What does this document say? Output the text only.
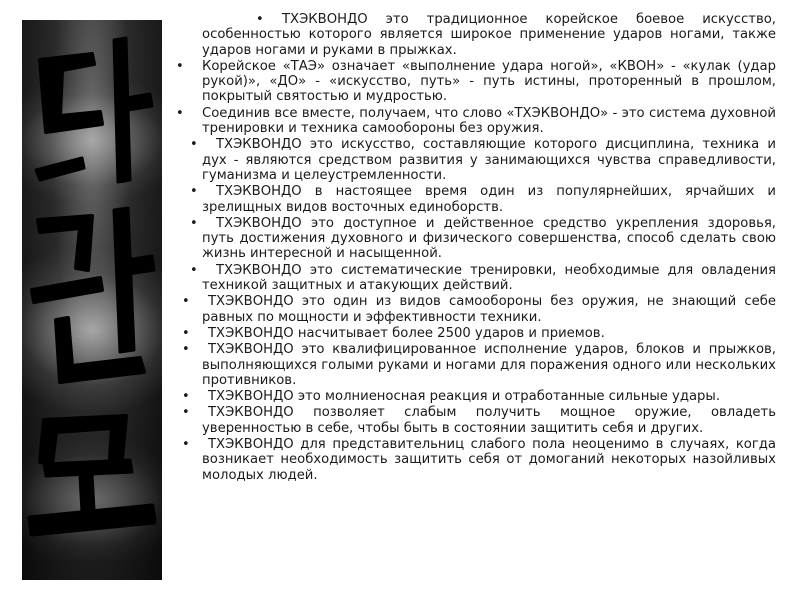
• ТХЭКВОНДО это традиционное корейское боевое искусство, особенностью которого является широкое применение ударов ногами, также ударов ногами и руками в прыжках.
• Корейское «ТАЭ» означает «выполнение удара ногой», «КВОН» - «кулак (удар рукой)», «ДО» - «искусство, путь» - путь истины, проторенный в прошлом, покрытый святостью и мудростью.
• Соединив все вместе, получаем, что слово «ТХЭКВОНДО» - это система духовной тренировки и техника самообороны без оружия.
• ТХЭКВОНДО это искусство, составляющие которого дисциплина, техника и дух - являются средством развития у занимающихся чувства справедливости, гуманизма и целеустремленности.
• ТХЭКВОНДО в настоящее время один из популярнейших, ярчайших и зрелищных видов восточных единоборств.
• ТХЭКВОНДО это доступное и действенное средство укрепления здоровья, путь достижения духовного и физического совершенства, способ сделать свою жизнь интересной и насыщенной.
• ТХЭКВОНДО это систематические тренировки, необходимые для овладения техникой защитных и атакующих действий.
• ТХЭКВОНДО это один из видов самообороны без оружия, не знающий себе равных по мощности и эффективности техники.
• ТХЭКВОНДО насчитывает более 2500 ударов и приемов.
• ТХЭКВОНДО это квалифицированное исполнение ударов, блоков и прыжков, выполняющихся голыми руками и ногами для поражения одного или нескольких противников.
• ТХЭКВОНДО это молниеносная реакция и отработанные сильные удары.
• ТХЭКВОНДО позволяет слабым получить мощное оружие, овладеть уверенностью в себе, чтобы быть в состоянии защитить себя и других.
• ТХЭКВОНДО для представительниц слабого пола неоценимо в случаях, когда возникает необходимость защитить себя от домоганий некоторых назойливых молодых людей.
